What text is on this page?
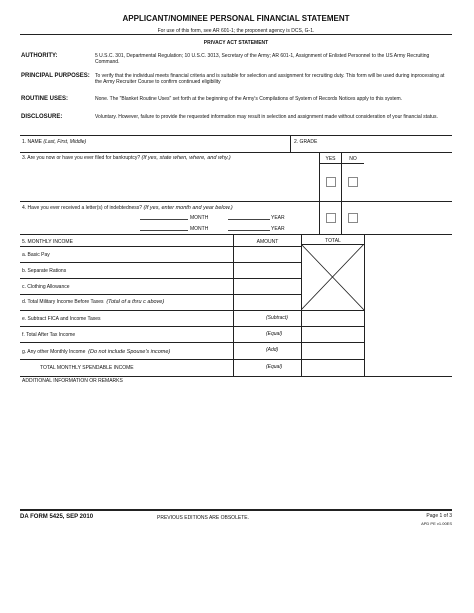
APPLICANT/NOMINEE PERSONAL FINANCIAL STATEMENT
For use of this form, see AR 601-1; the proponent agency is DCS, G-1.
PRIVACY ACT STATEMENT
AUTHORITY:	5 U.S.C. 301, Departmental Regulation; 10 U.S.C. 3013, Secretary of the Army; AR 601-1, Assignment of Enlisted Personnel to the US Army Recruiting Command.
PRINCIPAL PURPOSES:	To verify that the individual meets financial criteria and is suitable for selection and assignment for recruiting duty. This form will be used during inprocessing at the Army Recruiter Course to confirm continued eligibility
ROUTINE USES:	None. The "Blanket Routine Uses" set forth at the beginning of the Army's Compilations of System of Records Notices apply to this system.
DISCLOSURE:	Voluntary. However, failure to provide the requested information may result in selection and assignment made without consideration of your financial status.
1. NAME (Last, First, Middle)	2. GRADE
3. Are you now or have you ever filed for bankruptcy? (If yes, state when, where, and why.)	YES	NO
4. Have you ever received a letter(s) of indebtedness? (If yes, enter month and year below.)
MONTH	YEAR
MONTH	YEAR
5. MONTHLY INCOME	AMOUNT	TOTAL
a. Basic Pay
b. Separate Rations
c. Clothing Allowance
d. Total Military Income Before Taxes (Total of a thru c above)
e. Subtract FICA and Income Taxes	(Subtract)
f. Total After Tax Income	(Equal)
g. Any other Monthly Income (Do not include Spouse's income)	(Add)
TOTAL MONTHLY SPENDABLE INCOME	(Equal)
ADDITIONAL INFORMATION OR REMARKS
DA FORM 5425, SEP 2010	PREVIOUS EDITIONS ARE OBSOLETE.	Page 1 of 3
APD PE v1.00ES
